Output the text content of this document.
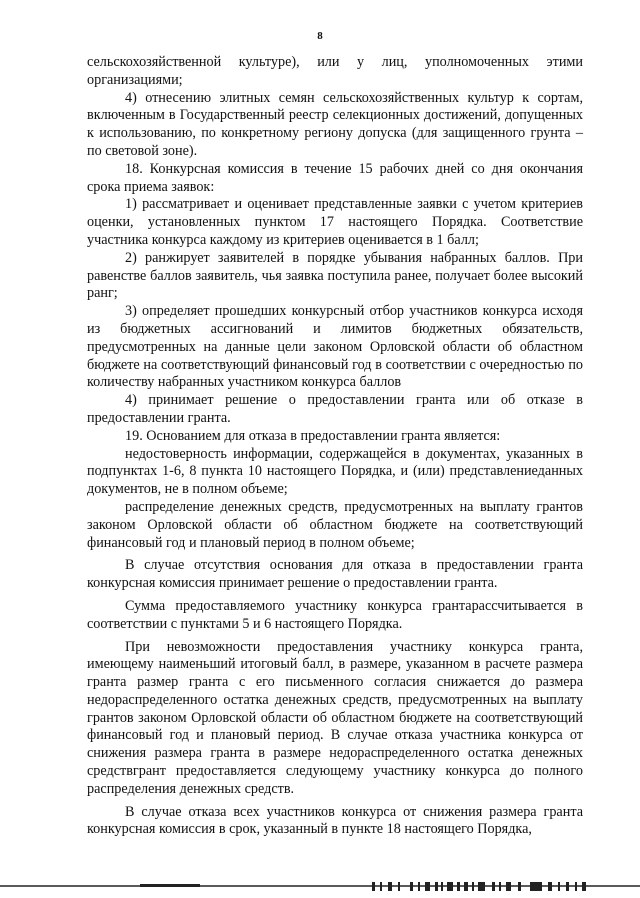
8

сельскохозяйственной культуре), или у лиц, уполномоченных этими организациями;

4) отнесению элитных семян сельскохозяйственных культур к сортам, включенным в Государственный реестр селекционных достижений, допущенных к использованию, по конкретному региону допуска (для защищенного грунта – по световой зоне).

18. Конкурсная комиссия в течение 15 рабочих дней со дня окончания срока приема заявок:

1) рассматривает и оценивает представленные заявки с учетом критериев оценки, установленных пунктом 17 настоящего Порядка. Соответствие участника конкурса каждому из критериев оценивается в 1 балл;

2) ранжирует заявителей в порядке убывания набранных баллов. При равенстве баллов заявитель, чья заявка поступила ранее, получает более высокий ранг;

3) определяет прошедших конкурсный отбор участников конкурса исходя из бюджетных ассигнований и лимитов бюджетных обязательств, предусмотренных на данные цели законом Орловской области об областном бюджете на соответствующий финансовый год в соответствии с очередностью по количеству набранных участником конкурса баллов

4) принимает решение о предоставлении гранта или об отказе в предоставлении гранта.

19. Основанием для отказа в предоставлении гранта является:

недостоверность информации, содержащейся в документах, указанных в подпунктах 1-6, 8 пункта 10 настоящего Порядка, и (или) представлениеданных документов, не в полном объеме;

распределение денежных средств, предусмотренных на выплату грантов законом Орловской области об областном бюджете на соответствующий финансовый год и плановый период в полном объеме;

В случае отсутствия основания для отказа в предоставлении гранта конкурсная комиссия принимает решение о предоставлении гранта.

Сумма предоставляемого участнику конкурса грантарассчитывается в соответствии с пунктами 5 и 6 настоящего Порядка.

При невозможности предоставления участнику конкурса гранта, имеющему наименьший итоговый балл, в размере, указанном в расчете размера гранта размер гранта с его письменного согласия снижается до размера недораспределенного остатка денежных средств, предусмотренных на выплату грантов законом Орловской области об областном бюджете на соответствующий финансовый год и плановый период. В случае отказа участника конкурса от снижения размера гранта в размере недораспределенного остатка денежных средствгрант предоставляется следующему участнику конкурса до полного распределения денежных средств.

В случае отказа всех участников конкурса от снижения размера гранта конкурсная комиссия в срок, указанный в пункте 18 настоящего Порядка,
